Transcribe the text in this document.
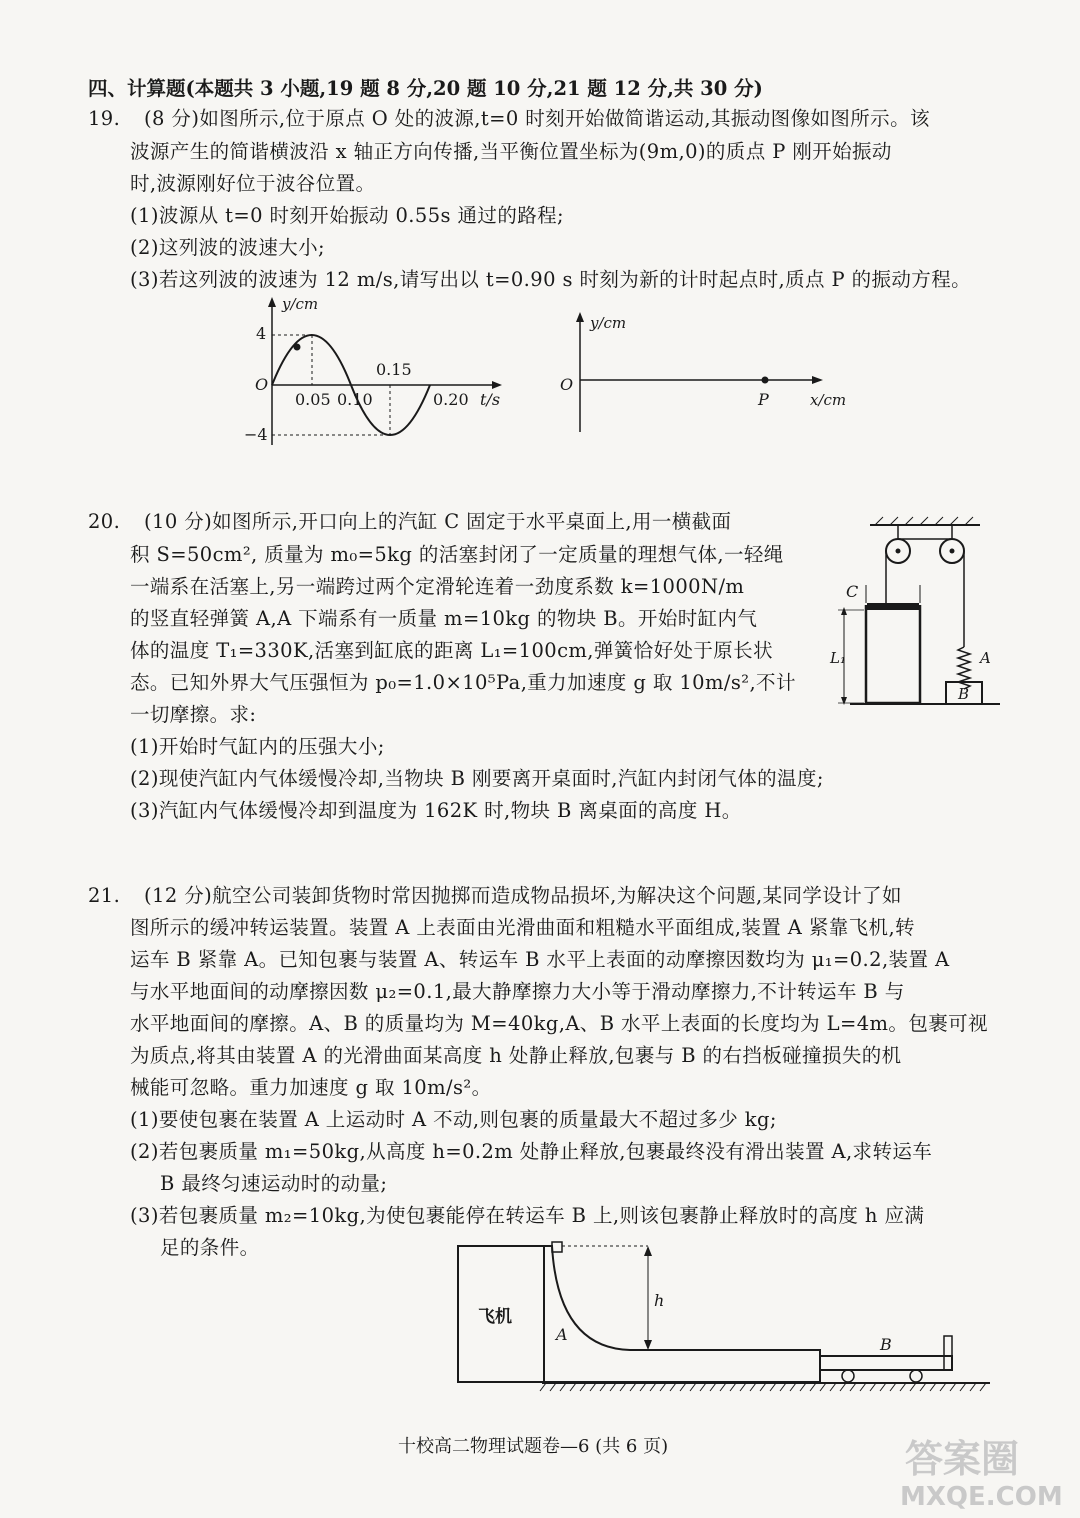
四、计算题(本题共 3 小题,19 题 8 分,20 题 10 分,21 题 12 分,共 30 分)
19. (8 分)如图所示,位于原点 O 处的波源,t=0 时刻开始做简谐运动,其振动图像如图所示。该
波源产生的简谐横波沿 x 轴正方向传播,当平衡位置坐标为(9m,0)的质点 P 刚开始振动
时,波源刚好位于波谷位置。
(1)波源从 t=0 时刻开始振动 0.55s 通过的路程;
(2)这列波的波速大小;
(3)若这列波的波速为 12 m/s,请写出以 t=0.90 s 时刻为新的计时起点时,质点 P 的振动方程。
y/cm
4
−4
O
0.05 0.10
0.15
0.20 t/s
y/cm
O
P	x/cm
20. (10 分)如图所示,开口向上的汽缸 C 固定于水平桌面上,用一横截面
积 S=50cm², 质量为 m₀=5kg 的活塞封闭了一定质量的理想气体,一轻绳
一端系在活塞上,另一端跨过两个定滑轮连着一劲度系数 k=1000N/m
的竖直轻弹簧 A,A 下端系有一质量 m=10kg 的物块 B。开始时缸内气
体的温度 T₁=330K,活塞到缸底的距离 L₁=100cm,弹簧恰好处于原长状
态。已知外界大气压强恒为 p₀=1.0×10⁵Pa,重力加速度 g 取 10m/s²,不计
一切摩擦。求:
(1)开始时气缸内的压强大小;
(2)现使汽缸内气体缓慢冷却,当物块 B 刚要离开桌面时,汽缸内封闭气体的温度;
(3)汽缸内气体缓慢冷却到温度为 162K 时,物块 B 离桌面的高度 H。
C
L₁	A
B
21. (12 分)航空公司装卸货物时常因抛掷而造成物品损坏,为解决这个问题,某同学设计了如
图所示的缓冲转运装置。装置 A 上表面由光滑曲面和粗糙水平面组成,装置 A 紧靠飞机,转
运车 B 紧靠 A。已知包裹与装置 A、转运车 B 水平上表面的动摩擦因数均为 μ₁=0.2,装置 A
与水平地面间的动摩擦因数 μ₂=0.1,最大静摩擦力大小等于滑动摩擦力,不计转运车 B 与
水平地面间的摩擦。A、B 的质量均为 M=40kg,A、B 水平上表面的长度均为 L=4m。包裹可视
为质点,将其由装置 A 的光滑曲面某高度 h 处静止释放,包裹与 B 的右挡板碰撞损失的机
械能可忽略。重力加速度 g 取 10m/s²。
(1)要使包裹在装置 A 上运动时 A 不动,则包裹的质量最大不超过多少 kg;
(2)若包裹质量 m₁=50kg,从高度 h=0.2m 处静止释放,包裹最终没有滑出装置 A,求转运车
B 最终匀速运动时的动量;
(3)若包裹质量 m₂=10kg,为使包裹能停在转运车 B 上,则该包裹静止释放时的高度 h 应满
足的条件。
飞机
h
A
B
十校高二物理试题卷—6 (共 6 页)	答案圈
MXQE.COM
